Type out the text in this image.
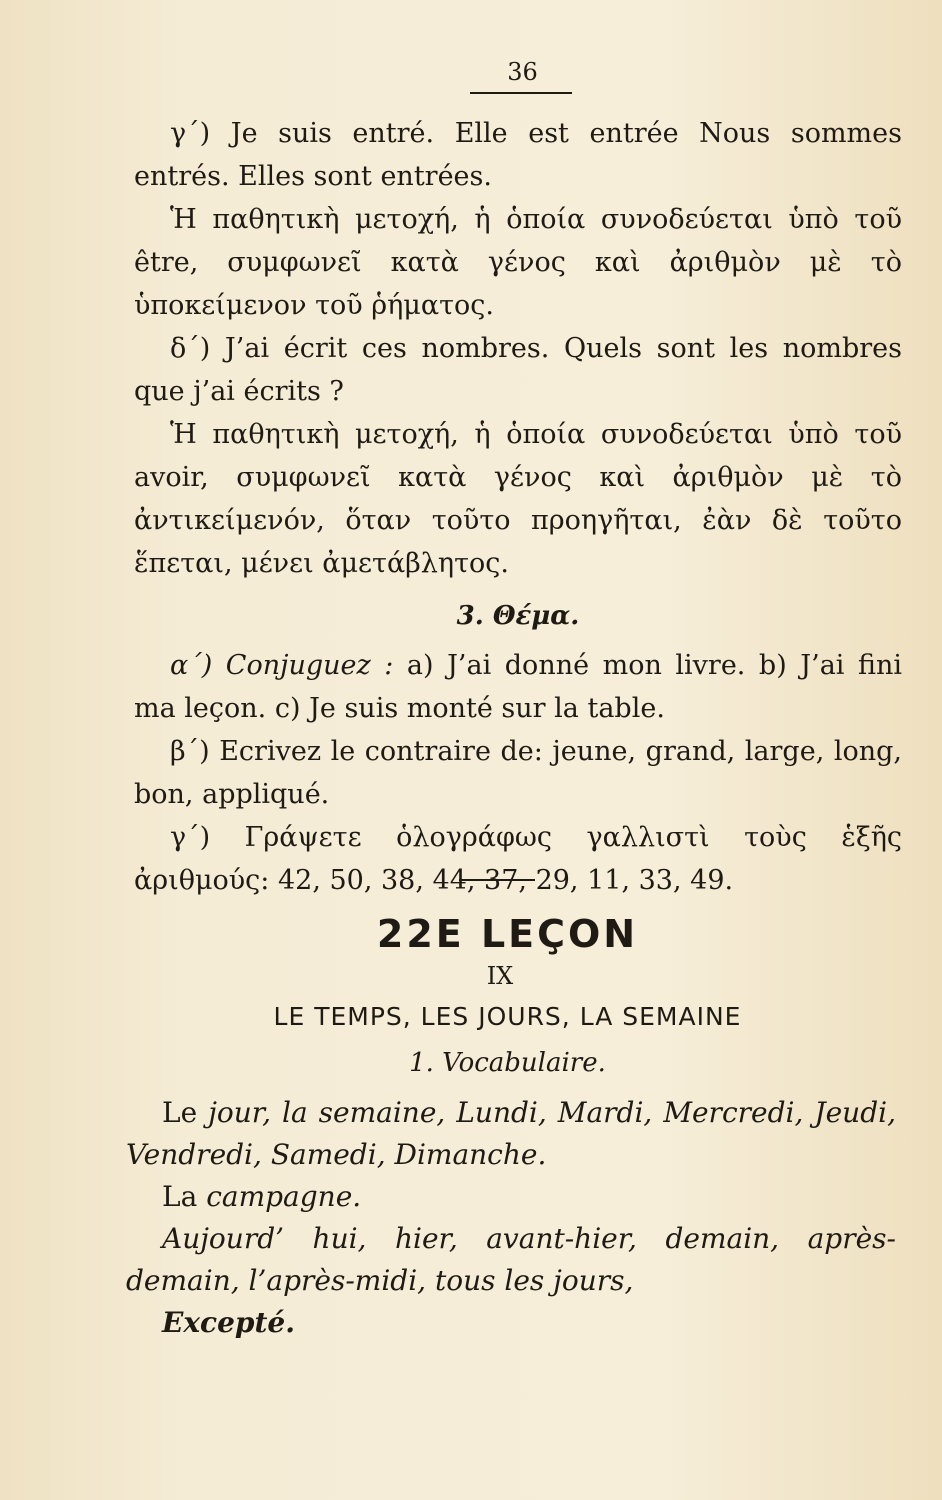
36

γ΄) Je suis entré. Elle est entrée Nous sommes entrés. Elles sont entrées.

Ἡ παθητικὴ μετοχή, ἡ ὁποία συνοδεύεται ὑπὸ τοῦ être, συμφωνεῖ κατὰ γένος καὶ ἀριθμὸν μὲ τὸ ὑποκείμενον τοῦ ῥήματος.

δ΄) J’ai écrit ces nombres. Quels sont les nombres que j’ai écrits ?

Ἡ παθητικὴ μετοχή, ἡ ὁποία συνοδεύεται ὑπὸ τοῦ avoir, συμφωνεῖ κατὰ γένος καὶ ἀριθμὸν μὲ τὸ ἀντικείμενόν, ὅταν τοῦτο προηγῆται, ἐὰν δὲ τοῦτο ἕπεται, μένει ἀμετάβλητος.

3. Θέμα.

α΄) Conjuguez : a) J’ai donné mon livre. b) J’ai fini ma leçon. c) Je suis monté sur la table.

β΄) Ecrivez le contraire de: jeune, grand, large, long, bon, appliqué.

γ΄) Γράψετε ὁλογράφως γαλλιστὶ τοὺς ἑξῆς ἀριθμούς: 42, 50, 38, 44, 37, 29, 11, 33, 49.

22E LEÇON
IX
LE TEMPS, LES JOURS, LA SEMAINE
1. Vocabulaire.

Le jour, la semaine, Lundi, Mardi, Mercredi, Jeudi, Vendredi, Samedi, Dimanche.

La campagne.

Aujourd’ hui, hier, avant-hier, demain, après-demain, l’après-midi, tous les jours,

Excepté.
